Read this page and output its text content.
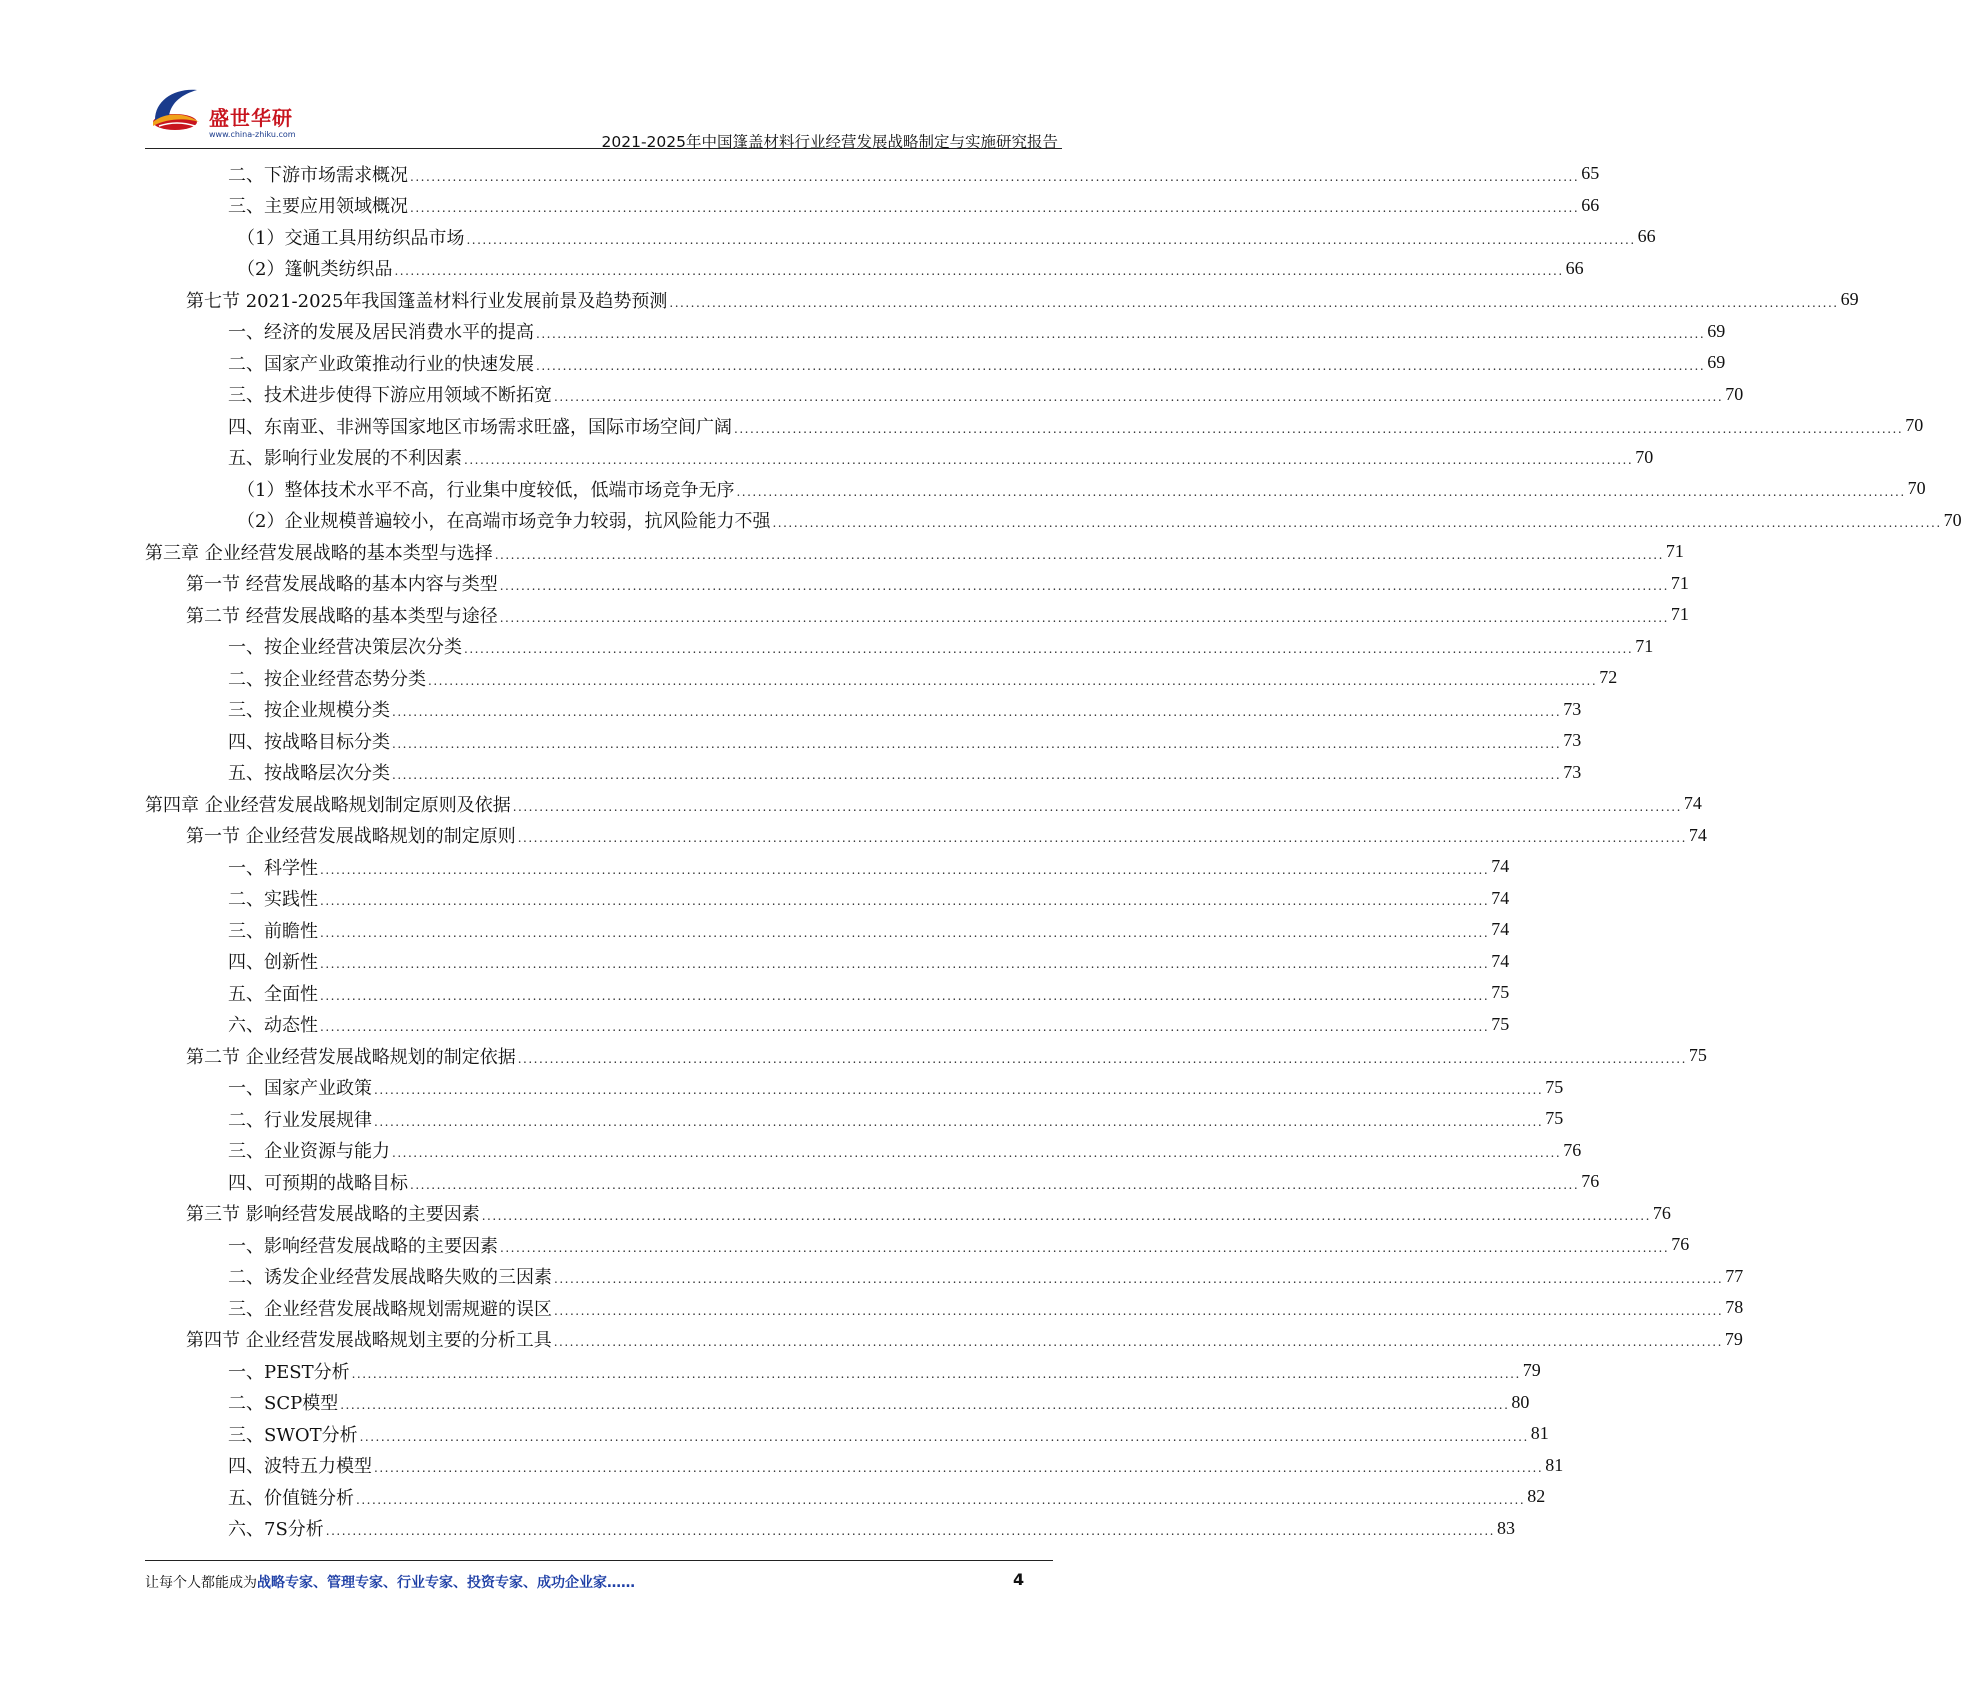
盛世华研
www.china-zhiku.com	2021-2025年中国篷盖材料行业经营发展战略制定与实施研究报告
二、下游市场需求概况 ............................................................................................................................................................................................................................ 65
三、主要应用领域概况 ............................................................................................................................................................................................................................ 66
（1）交通工具用纺织品市场 ............................................................................................................................................................................................................................ 66
（2）篷帆类纺织品 ............................................................................................................................................................................................................................ 66
第七节 2021-2025年我国篷盖材料行业发展前景及趋势预测 ............................................................................................................................................................................................................................ 69
一、经济的发展及居民消费水平的提高 ............................................................................................................................................................................................................................ 69
二、国家产业政策推动行业的快速发展 ............................................................................................................................................................................................................................ 69
三、技术进步使得下游应用领域不断拓宽 ............................................................................................................................................................................................................................ 70
四、东南亚、非洲等国家地区市场需求旺盛，国际市场空间广阔 ............................................................................................................................................................................................................................ 70
五、影响行业发展的不利因素 ............................................................................................................................................................................................................................ 70
（1）整体技术水平不高，行业集中度较低，低端市场竞争无序 ............................................................................................................................................................................................................................ 70
（2）企业规模普遍较小，在高端市场竞争力较弱，抗风险能力不强 ............................................................................................................................................................................................................................ 70
第三章 企业经营发展战略的基本类型与选择 ............................................................................................................................................................................................................................ 71
第一节 经营发展战略的基本内容与类型 ............................................................................................................................................................................................................................ 71
第二节 经营发展战略的基本类型与途径 ............................................................................................................................................................................................................................ 71
一、按企业经营决策层次分类 ............................................................................................................................................................................................................................ 71
二、按企业经营态势分类 ............................................................................................................................................................................................................................ 72
三、按企业规模分类 ............................................................................................................................................................................................................................ 73
四、按战略目标分类 ............................................................................................................................................................................................................................ 73
五、按战略层次分类 ............................................................................................................................................................................................................................ 73
第四章 企业经营发展战略规划制定原则及依据 ............................................................................................................................................................................................................................ 74
第一节 企业经营发展战略规划的制定原则 ............................................................................................................................................................................................................................ 74
一、科学性 ............................................................................................................................................................................................................................ 74
二、实践性 ............................................................................................................................................................................................................................ 74
三、前瞻性 ............................................................................................................................................................................................................................ 74
四、创新性 ............................................................................................................................................................................................................................ 74
五、全面性 ............................................................................................................................................................................................................................ 75
六、动态性 ............................................................................................................................................................................................................................ 75
第二节 企业经营发展战略规划的制定依据 ............................................................................................................................................................................................................................ 75
一、国家产业政策 ............................................................................................................................................................................................................................ 75
二、行业发展规律 ............................................................................................................................................................................................................................ 75
三、企业资源与能力 ............................................................................................................................................................................................................................ 76
四、可预期的战略目标 ............................................................................................................................................................................................................................ 76
第三节 影响经营发展战略的主要因素 ............................................................................................................................................................................................................................ 76
一、影响经营发展战略的主要因素 ............................................................................................................................................................................................................................ 76
二、诱发企业经营发展战略失败的三因素 ............................................................................................................................................................................................................................ 77
三、企业经营发展战略规划需规避的误区 ............................................................................................................................................................................................................................ 78
第四节 企业经营发展战略规划主要的分析工具 ............................................................................................................................................................................................................................ 79
一、PEST分析 ............................................................................................................................................................................................................................ 79
二、SCP模型 ............................................................................................................................................................................................................................ 80
三、SWOT分析 ............................................................................................................................................................................................................................ 81
四、波特五力模型 ............................................................................................................................................................................................................................ 81
五、价值链分析 ............................................................................................................................................................................................................................ 82
六、7S分析 ............................................................................................................................................................................................................................ 83
让每个人都能成为战略专家、管理专家、行业专家、投资专家、成功企业家……	4
